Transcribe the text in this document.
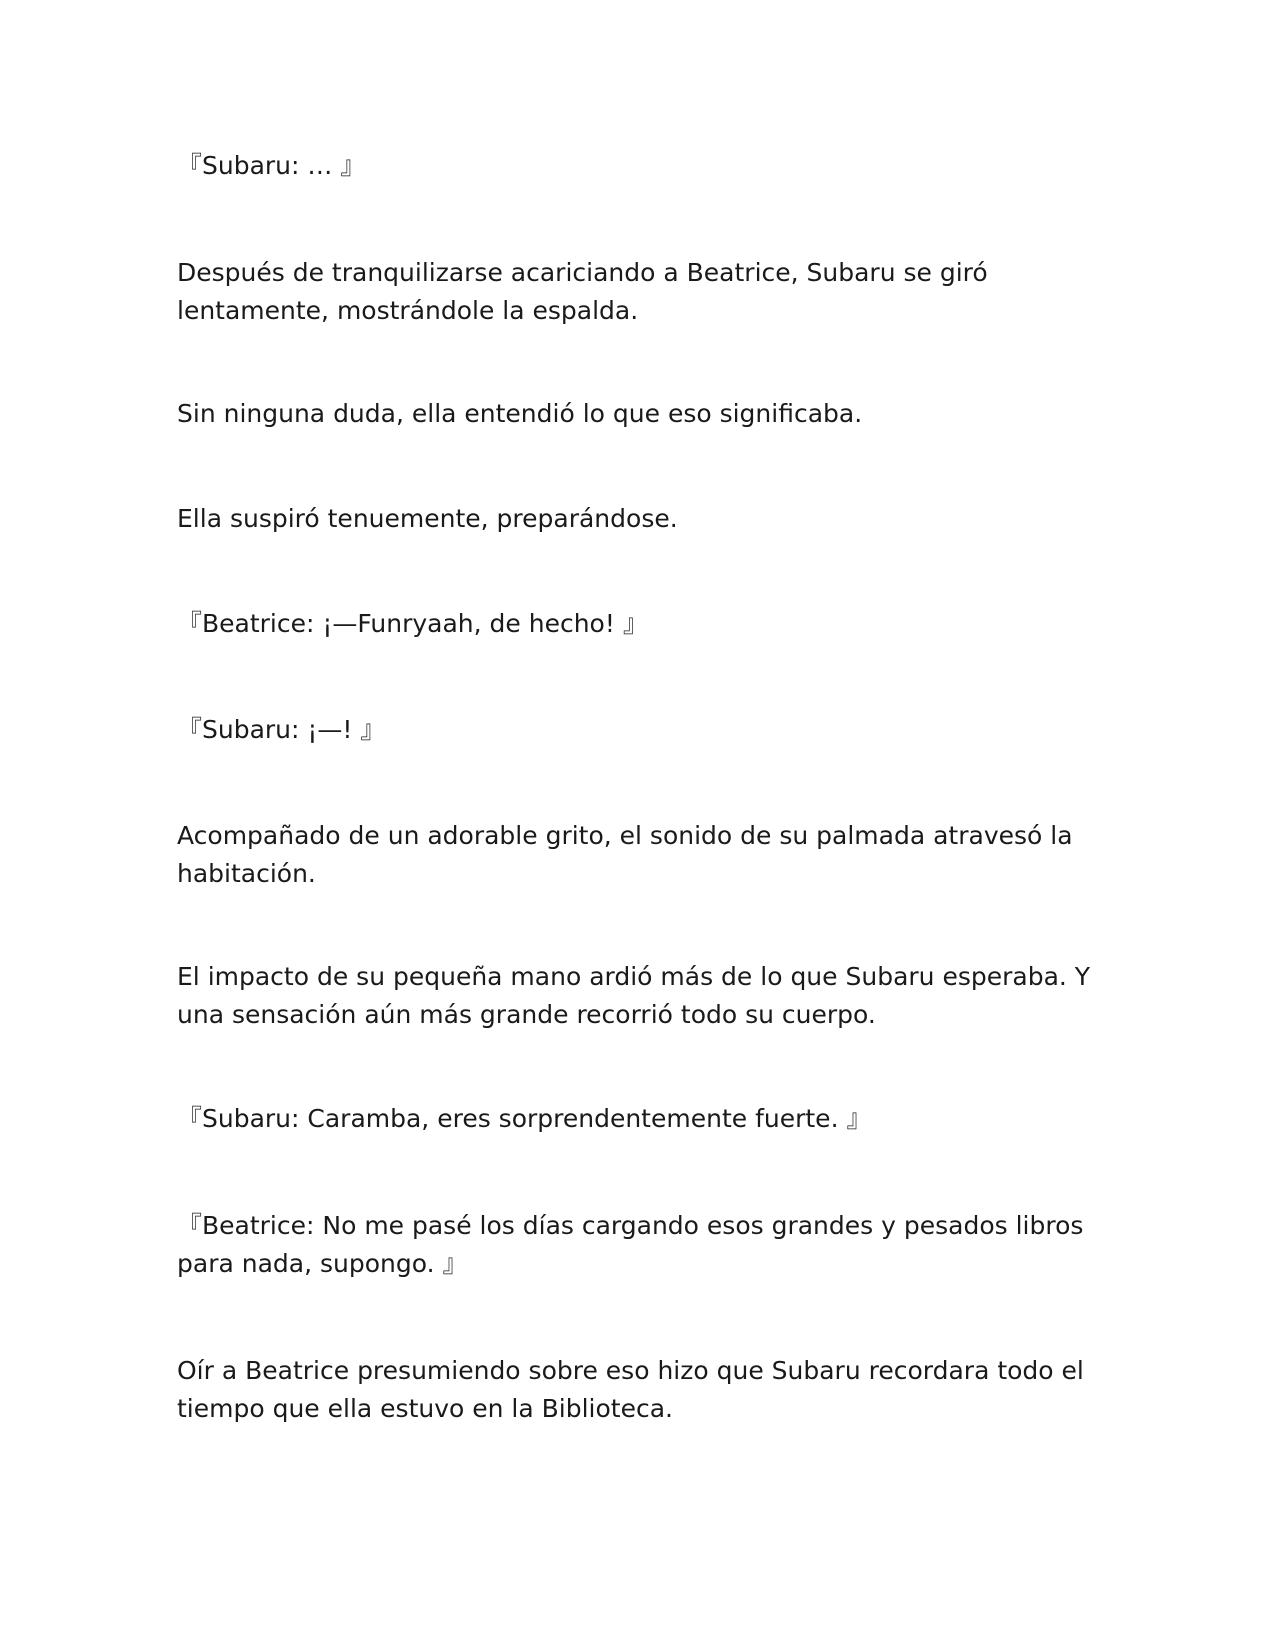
『Subaru: … 』

Después de tranquilizarse acariciando a Beatrice, Subaru se giró lentamente, mostrándole la espalda.

Sin ninguna duda, ella entendió lo que eso significaba.

Ella suspiró tenuemente, preparándose.

『Beatrice: ¡—Funryaah, de hecho! 』

『Subaru: ¡—! 』

Acompañado de un adorable grito, el sonido de su palmada atravesó la habitación.

El impacto de su pequeña mano ardió más de lo que Subaru esperaba. Y una sensación aún más grande recorrió todo su cuerpo.

『Subaru: Caramba, eres sorprendentemente fuerte. 』

『Beatrice: No me pasé los días cargando esos grandes y pesados libros para nada, supongo. 』

Oír a Beatrice presumiendo sobre eso hizo que Subaru recordara todo el tiempo que ella estuvo en la Biblioteca.
